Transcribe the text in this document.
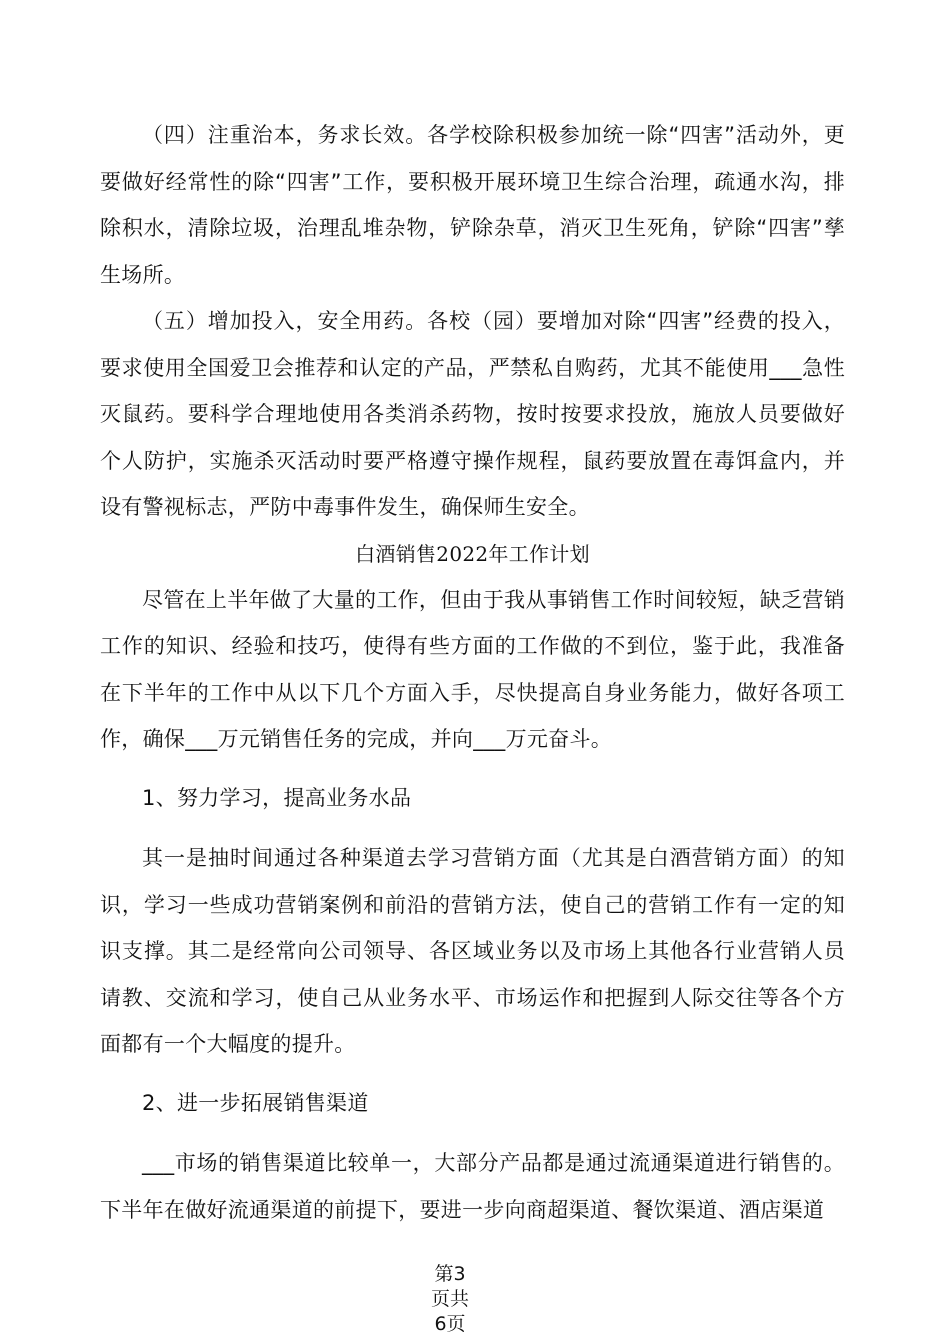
（四）注重治本，务求长效。各学校除积极参加统一除“四害”活动外，更要做好经常性的除“四害”工作，要积极开展环境卫生综合治理，疏通水沟，排除积水，清除垃圾，治理乱堆杂物，铲除杂草，消灭卫生死角，铲除“四害”孳生场所。

（五）增加投入，安全用药。各校（园）要增加对除“四害”经费的投入，要求使用全国爱卫会推荐和认定的产品，严禁私自购药，尤其不能使用___急性灭鼠药。要科学合理地使用各类消杀药物，按时按要求投放，施放人员要做好个人防护，实施杀灭活动时要严格遵守操作规程，鼠药要放置在毒饵盒内，并设有警视标志，严防中毒事件发生，确保师生安全。

白酒销售2022年工作计划

尽管在上半年做了大量的工作，但由于我从事销售工作时间较短，缺乏营销工作的知识、经验和技巧，使得有些方面的工作做的不到位，鉴于此，我准备在下半年的工作中从以下几个方面入手，尽快提高自身业务能力，做好各项工作，确保___万元销售任务的完成，并向___万元奋斗。

1、努力学习，提高业务水品

其一是抽时间通过各种渠道去学习营销方面（尤其是白酒营销方面）的知识，学习一些成功营销案例和前沿的营销方法，使自己的营销工作有一定的知识支撑。其二是经常向公司领导、各区域业务以及市场上其他各行业营销人员请教、交流和学习，使自己从业务水平、市场运作和把握到人际交往等各个方面都有一个大幅度的提升。

2、进一步拓展销售渠道

___市场的销售渠道比较单一，大部分产品都是通过流通渠道进行销售的。下半年在做好流通渠道的前提下，要进一步向商超渠道、餐饮渠道、酒店渠道

第3
页共
6页
